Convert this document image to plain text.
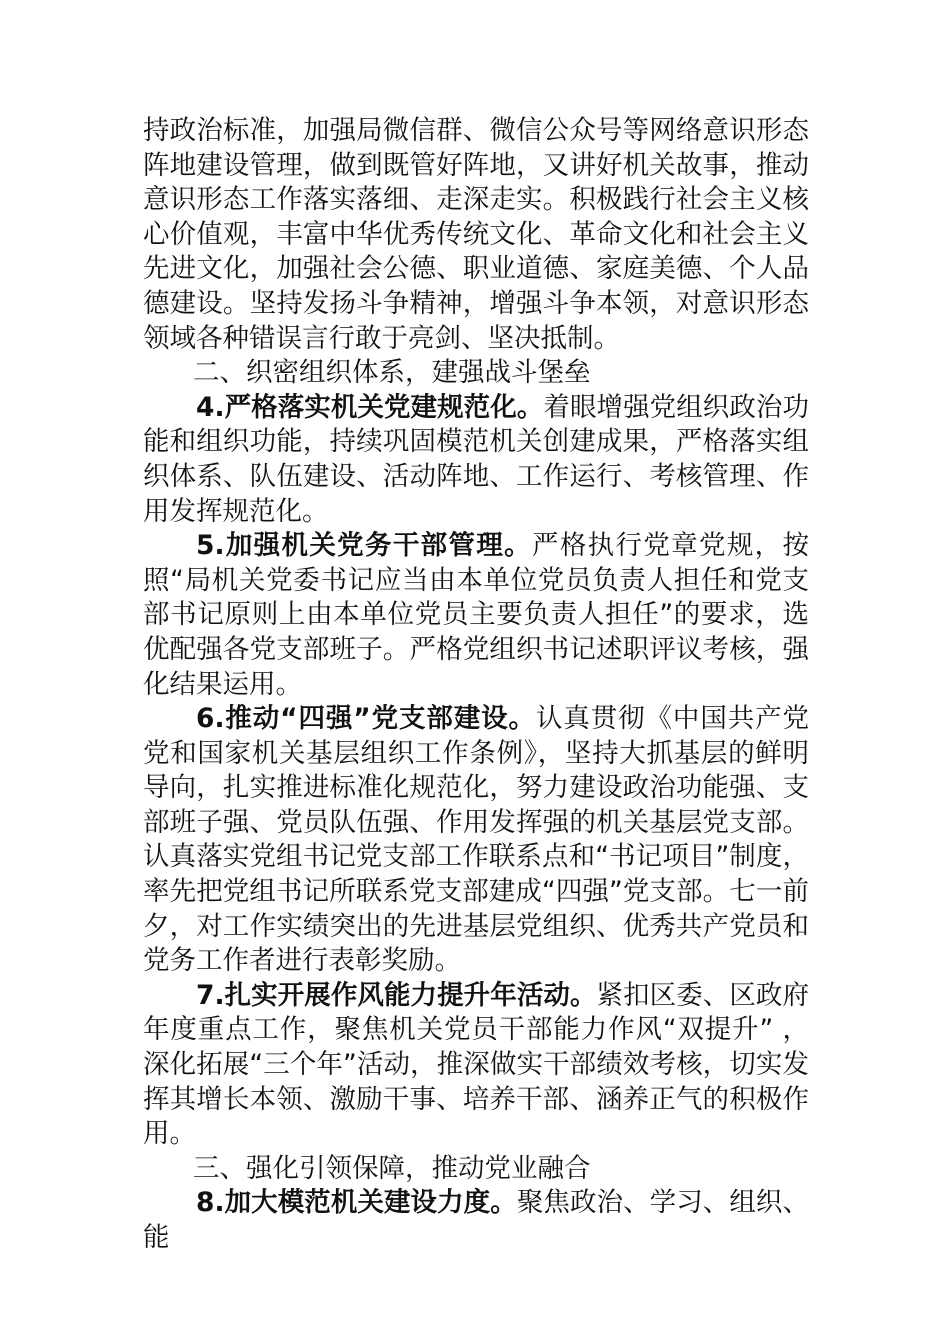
持政治标准，加强局微信群、微信公众号等网络意识形态阵地建设管理，做到既管好阵地，又讲好机关故事，推动意识形态工作落实落细、走深走实。积极践行社会主义核心价值观，丰富中华优秀传统文化、革命文化和社会主义先进文化，加强社会公德、职业道德、家庭美德、个人品德建设。坚持发扬斗争精神，增强斗争本领，对意识形态领域各种错误言行敢于亮剑、坚决抵制。

二、织密组织体系，建强战斗堡垒

4.严格落实机关党建规范化。着眼增强党组织政治功能和组织功能，持续巩固模范机关创建成果，严格落实组织体系、队伍建设、活动阵地、工作运行、考核管理、作用发挥规范化。

5.加强机关党务干部管理。严格执行党章党规，按照“局机关党委书记应当由本单位党员负责人担任和党支部书记原则上由本单位党员主要负责人担任”的要求，选优配强各党支部班子。严格党组织书记述职评议考核，强化结果运用。

6.推动“四强”党支部建设。认真贯彻《中国共产党党和国家机关基层组织工作条例》，坚持大抓基层的鲜明导向，扎实推进标准化规范化，努力建设政治功能强、支部班子强、党员队伍强、作用发挥强的机关基层党支部。认真落实党组书记党支部工作联系点和“书记项目”制度，率先把党组书记所联系党支部建成“四强”党支部。七一前夕，对工作实绩突出的先进基层党组织、优秀共产党员和党务工作者进行表彰奖励。

7.扎实开展作风能力提升年活动。紧扣区委、区政府年度重点工作，聚焦机关党员干部能力作风“双提升” ，深化拓展“三个年”活动，推深做实干部绩效考核，切实发挥其增长本领、激励干事、培养干部、涵养正气的积极作用。

三、强化引领保障，推动党业融合

8.加大模范机关建设力度。聚焦政治、学习、组织、能
